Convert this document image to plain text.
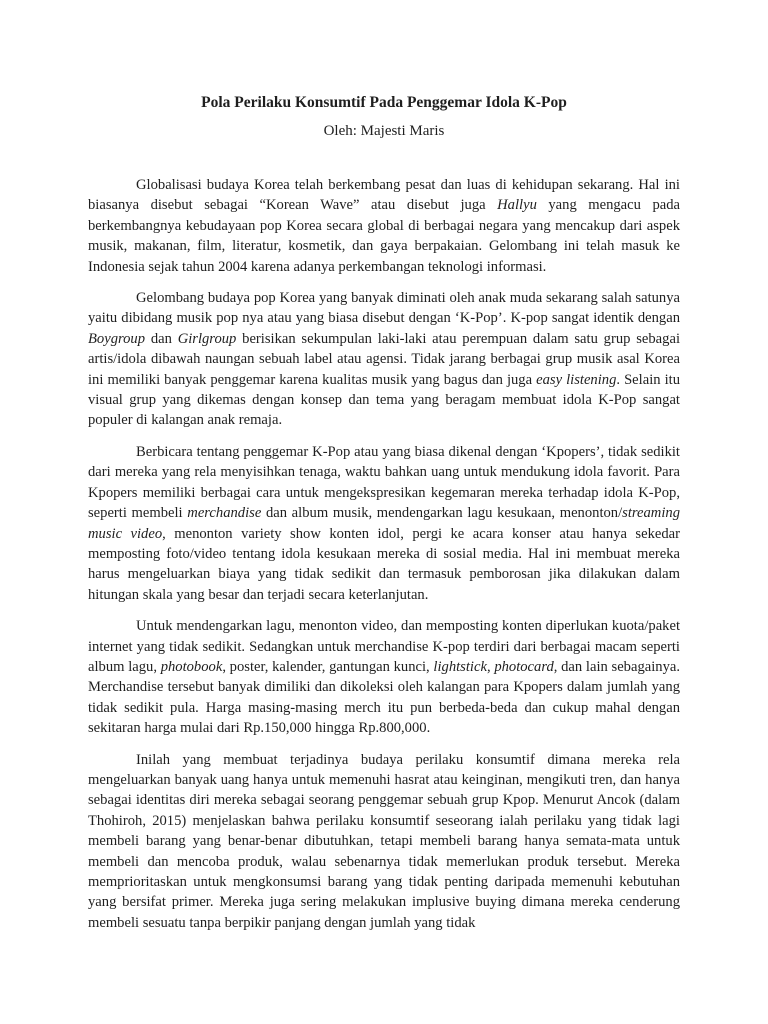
Pola Perilaku Konsumtif Pada Penggemar Idola K-Pop

Oleh: Majesti Maris

Globalisasi budaya Korea telah berkembang pesat dan luas di kehidupan sekarang. Hal ini biasanya disebut sebagai “Korean Wave” atau disebut juga Hallyu yang mengacu pada berkembangnya kebudayaan pop Korea secara global di berbagai negara yang mencakup dari aspek musik, makanan, film, literatur, kosmetik, dan gaya berpakaian. Gelombang ini telah masuk ke Indonesia sejak tahun 2004 karena adanya perkembangan teknologi informasi.

Gelombang budaya pop Korea yang banyak diminati oleh anak muda sekarang salah satunya yaitu dibidang musik pop nya atau yang biasa disebut dengan ‘K-Pop’. K-pop sangat identik dengan Boygroup dan Girlgroup berisikan sekumpulan laki-laki atau perempuan dalam satu grup sebagai artis/idola dibawah naungan sebuah label atau agensi. Tidak jarang berbagai grup musik asal Korea ini memiliki banyak penggemar karena kualitas musik yang bagus dan juga easy listening. Selain itu visual grup yang dikemas dengan konsep dan tema yang beragam membuat idola K-Pop sangat populer di kalangan anak remaja.

Berbicara tentang penggemar K-Pop atau yang biasa dikenal dengan ‘Kpopers’, tidak sedikit dari mereka yang rela menyisihkan tenaga, waktu bahkan uang untuk mendukung idola favorit. Para Kpopers memiliki berbagai cara untuk mengekspresikan kegemaran mereka terhadap idola K-Pop, seperti membeli merchandise dan album musik, mendengarkan lagu kesukaan, menonton/streaming music video, menonton variety show konten idol, pergi ke acara konser atau hanya sekedar memposting foto/video tentang idola kesukaan mereka di sosial media. Hal ini membuat mereka harus mengeluarkan biaya yang tidak sedikit dan termasuk pemborosan jika dilakukan dalam hitungan skala yang besar dan terjadi secara keterlanjutan.

Untuk mendengarkan lagu, menonton video, dan memposting konten diperlukan kuota/paket internet yang tidak sedikit. Sedangkan untuk merchandise K-pop terdiri dari berbagai macam seperti album lagu, photobook, poster, kalender, gantungan kunci, lightstick, photocard, dan lain sebagainya. Merchandise tersebut banyak dimiliki dan dikoleksi oleh kalangan para Kpopers dalam jumlah yang tidak sedikit pula. Harga masing-masing merch itu pun berbeda-beda dan cukup mahal dengan sekitaran harga mulai dari Rp.150,000 hingga Rp.800,000.

Inilah yang membuat terjadinya budaya perilaku konsumtif dimana mereka rela mengeluarkan banyak uang hanya untuk memenuhi hasrat atau keinginan, mengikuti tren, dan hanya sebagai identitas diri mereka sebagai seorang penggemar sebuah grup Kpop. Menurut Ancok (dalam Thohiroh, 2015) menjelaskan bahwa perilaku konsumtif seseorang ialah perilaku yang tidak lagi membeli barang yang benar-benar dibutuhkan, tetapi membeli barang hanya semata-mata untuk membeli dan mencoba produk, walau sebenarnya tidak memerlukan produk tersebut. Mereka memprioritaskan untuk mengkonsumsi barang yang tidak penting daripada memenuhi kebutuhan yang bersifat primer. Mereka juga sering melakukan implusive buying dimana mereka cenderung membeli sesuatu tanpa berpikir panjang dengan jumlah yang tidak
